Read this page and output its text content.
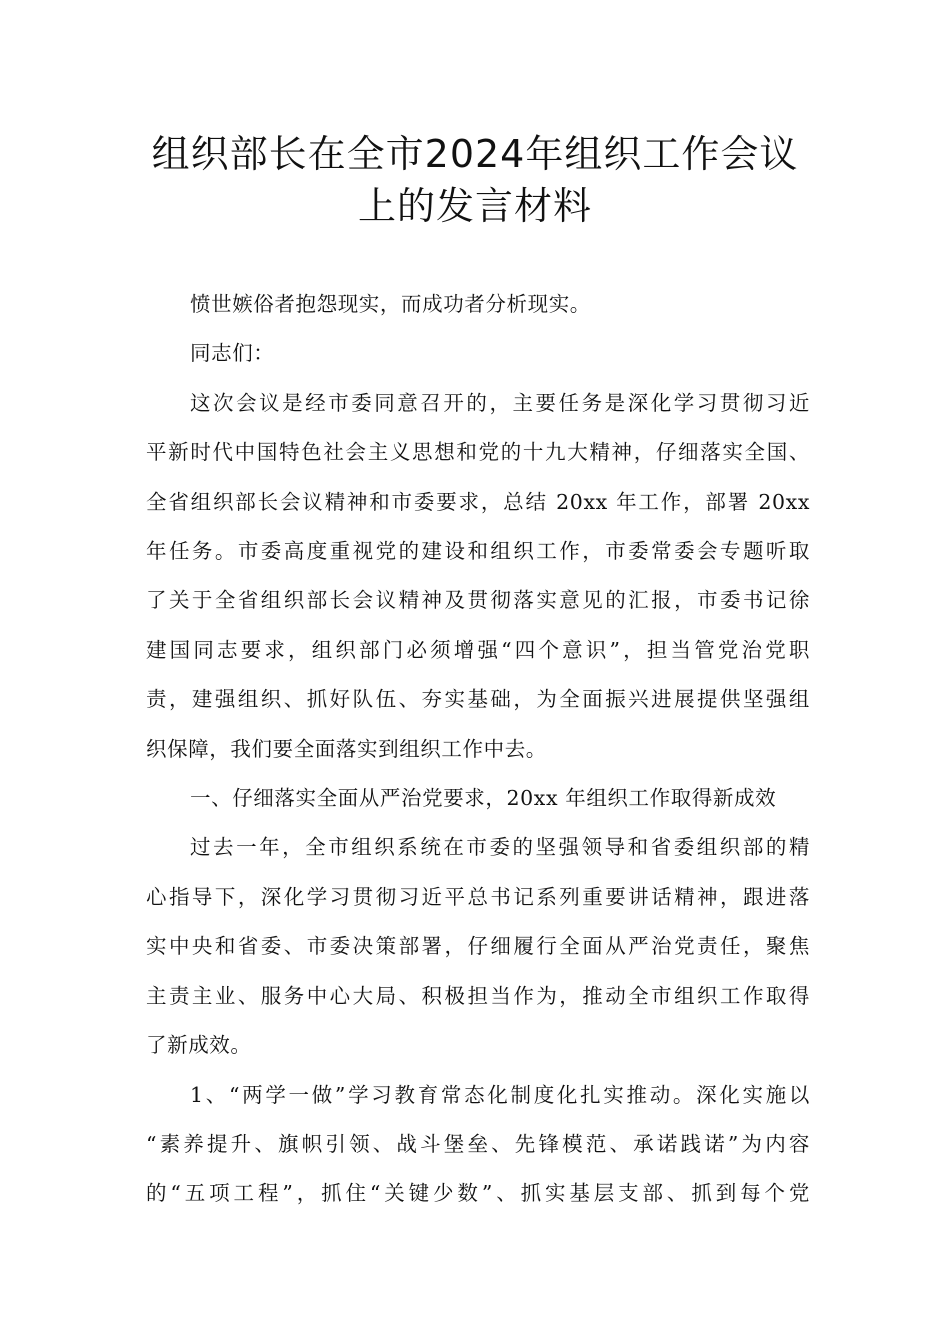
组织部长在全市2024年组织工作会议
上的发言材料

愤世嫉俗者抱怨现实，而成功者分析现实。

同志们：

这次会议是经市委同意召开的，主要任务是深化学习贯彻习近
平新时代中国特色社会主义思想和党的十九大精神，仔细落实全国、
全省组织部长会议精神和市委要求，总结 20xx 年工作，部署 20xx
年任务。市委高度重视党的建设和组织工作，市委常委会专题听取
了关于全省组织部长会议精神及贯彻落实意见的汇报，市委书记徐
建国同志要求，组织部门必须增强“四个意识”，担当管党治党职
责，建强组织、抓好队伍、夯实基础，为全面振兴进展提供坚强组
织保障，我们要全面落实到组织工作中去。

一、仔细落实全面从严治党要求，20xx 年组织工作取得新成效

过去一年，全市组织系统在市委的坚强领导和省委组织部的精
心指导下，深化学习贯彻习近平总书记系列重要讲话精神，跟进落
实中央和省委、市委决策部署，仔细履行全面从严治党责任，聚焦
主责主业、服务中心大局、积极担当作为，推动全市组织工作取得
了新成效。

1、“两学一做”学习教育常态化制度化扎实推动。深化实施以
“素养提升、旗帜引领、战斗堡垒、先锋模范、承诺践诺”为内容
的“五项工程”，抓住“关键少数”、抓实基层支部、抓到每个党
